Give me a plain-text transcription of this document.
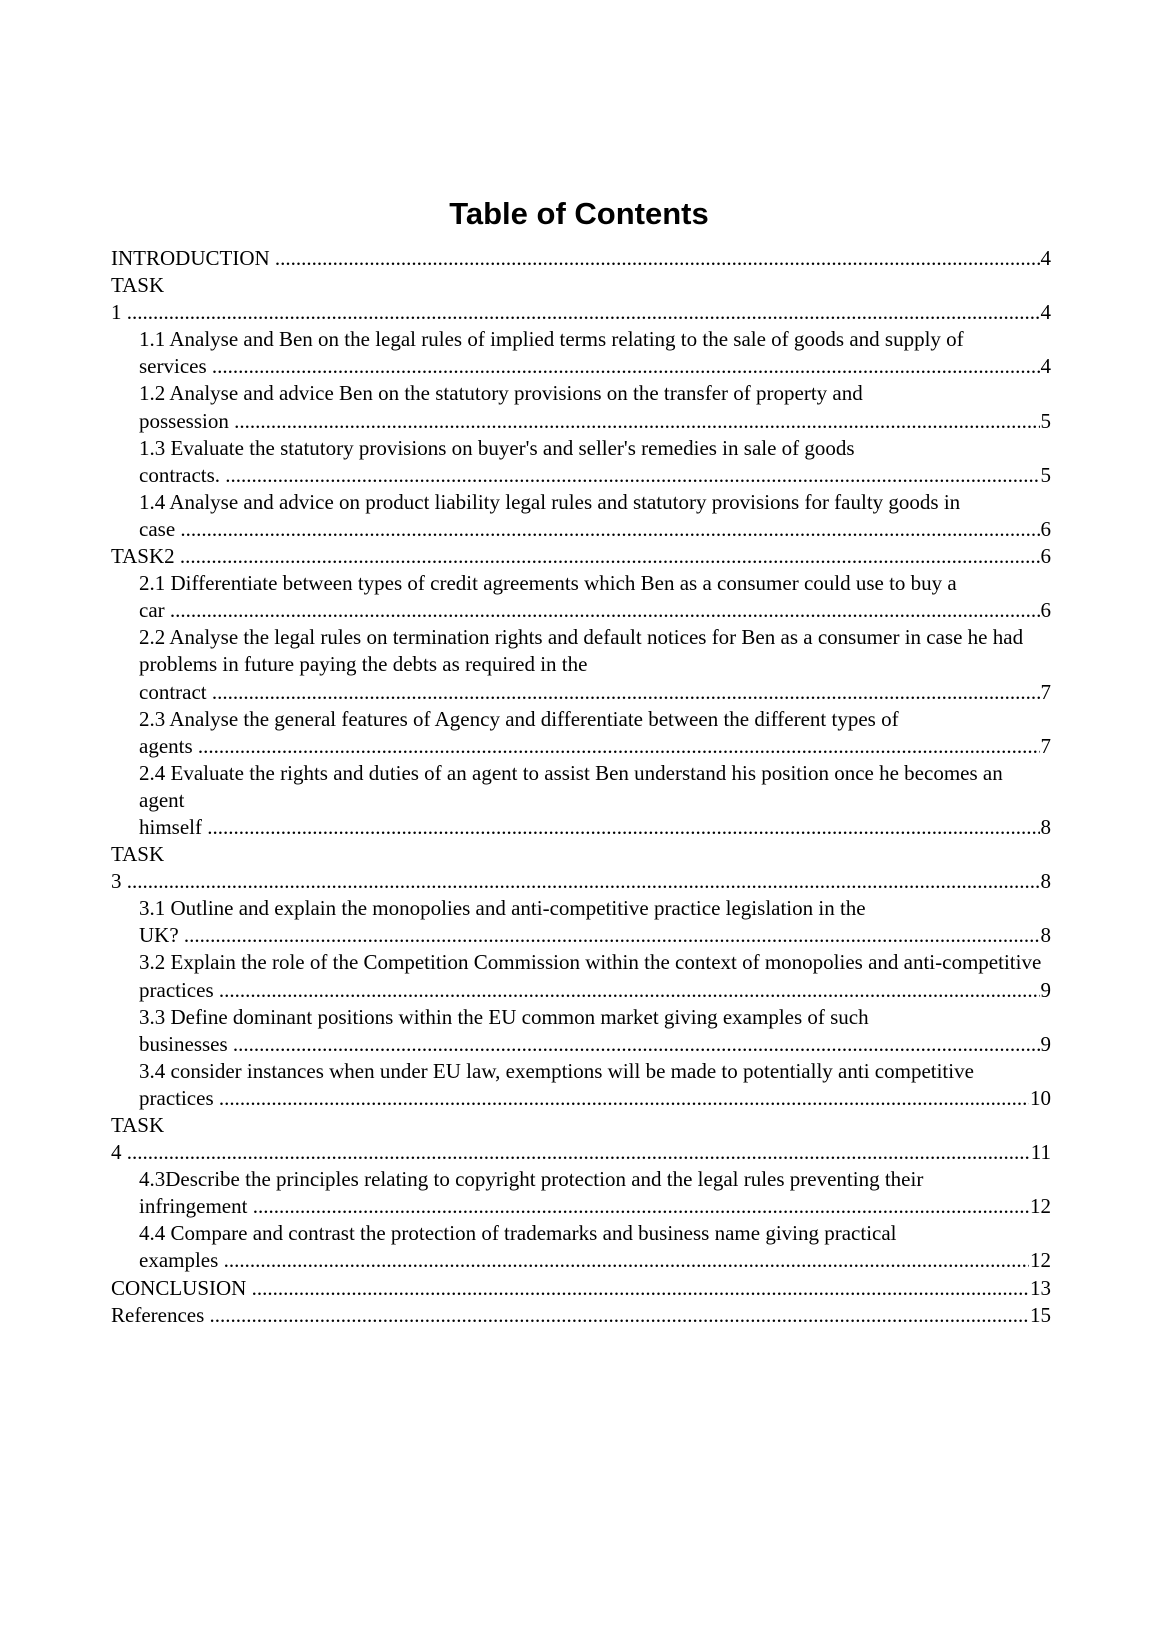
Table of Contents
INTRODUCTION .....	4
TASK 1 .....	4
1.1 Analyse and Ben on the legal rules of implied terms relating to the sale of goods and supply of services .....	4
1.2 Analyse and advice Ben on the statutory provisions on the transfer of property and possession .....	5
1.3 Evaluate the statutory provisions on buyer's and seller's remedies in sale of goods contracts. .....	5
1.4 Analyse and advice on product liability legal rules and statutory provisions for faulty goods in case .....	6
TASK2 .....	6
2.1 Differentiate between types of credit agreements which Ben as a consumer could use to buy a car .....	6
2.2 Analyse the legal rules on termination rights and default notices for Ben as a consumer in case he had problems in future paying the debts as required in the contract .....	7
2.3 Analyse the general features of Agency and differentiate between the different types of agents .....	7
2.4 Evaluate the rights and duties of an agent to assist Ben understand his position once he becomes an agent himself .....	8
TASK 3 .....	8
3.1 Outline and explain the monopolies and anti-competitive practice legislation in the UK? .....	8
3.2 Explain the role of the Competition Commission within the context of monopolies and anti-competitive practices .....	9
3.3 Define dominant positions within the EU common market giving examples of such businesses .....	9
3.4 consider instances when under EU law, exemptions will be made to potentially anti competitive practices .....	10
TASK 4 .....	11
4.3Describe the principles relating to copyright protection and the legal rules preventing their infringement .....	12
4.4 Compare and contrast the protection of trademarks and business name giving practical examples .....	12
CONCLUSION .....	13
References .....	15
